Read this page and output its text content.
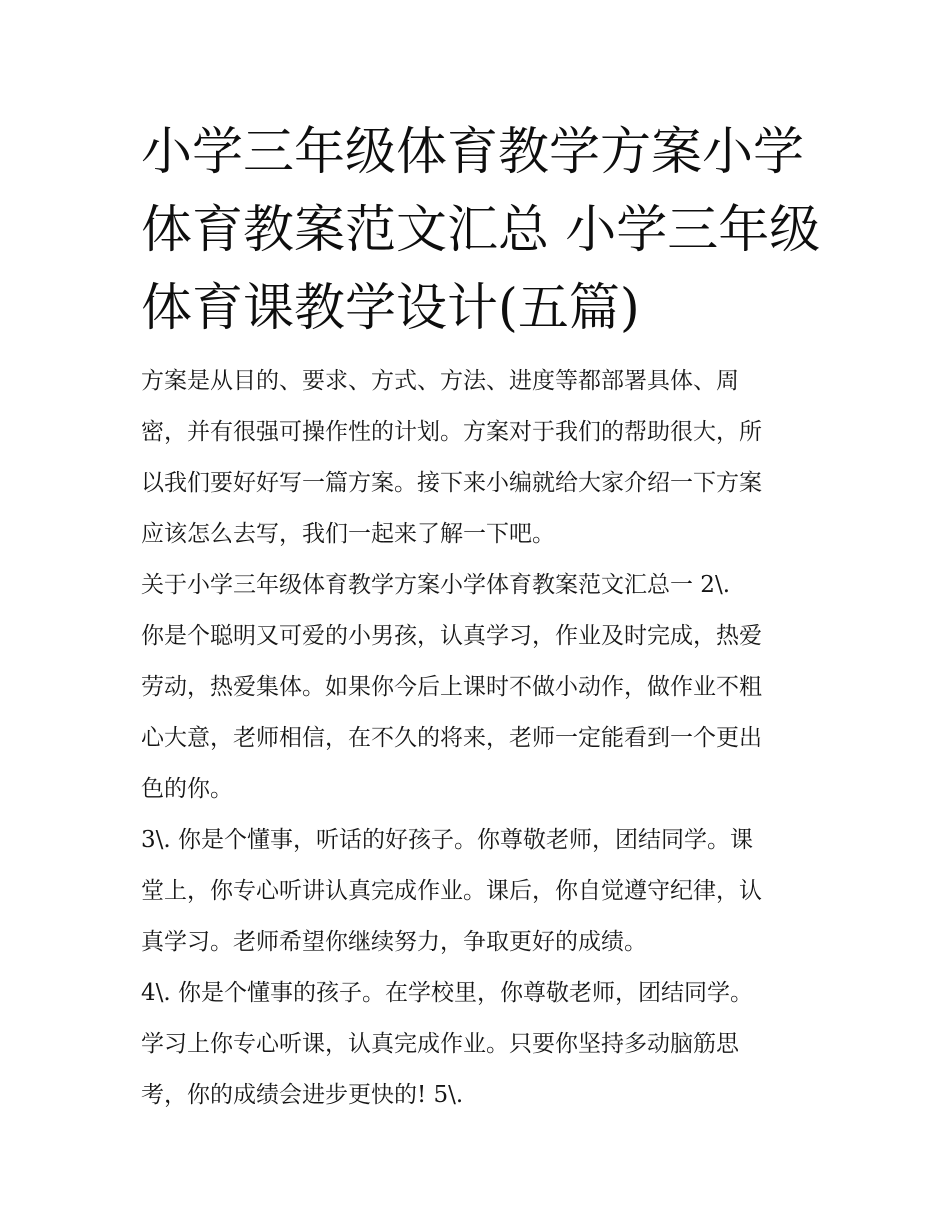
小学三年级体育教学方案小学
体育教案范文汇总 小学三年级
体育课教学设计(五篇)
方案是从目的、要求、方式、方法、进度等都部署具体、周
密，并有很强可操作性的计划。方案对于我们的帮助很大，所
以我们要好好写一篇方案。接下来小编就给大家介绍一下方案
应该怎么去写，我们一起来了解一下吧。
关于小学三年级体育教学方案小学体育教案范文汇总一 2\.
你是个聪明又可爱的小男孩，认真学习，作业及时完成，热爱
劳动，热爱集体。如果你今后上课时不做小动作，做作业不粗
心大意，老师相信，在不久的将来，老师一定能看到一个更出
色的你。
3\. 你是个懂事，听话的好孩子。你尊敬老师，团结同学。课
堂上，你专心听讲认真完成作业。课后，你自觉遵守纪律，认
真学习。老师希望你继续努力，争取更好的成绩。
4\. 你是个懂事的孩子。在学校里，你尊敬老师，团结同学。
学习上你专心听课，认真完成作业。只要你坚持多动脑筋思
考，你的成绩会进步更快的! 5\.
